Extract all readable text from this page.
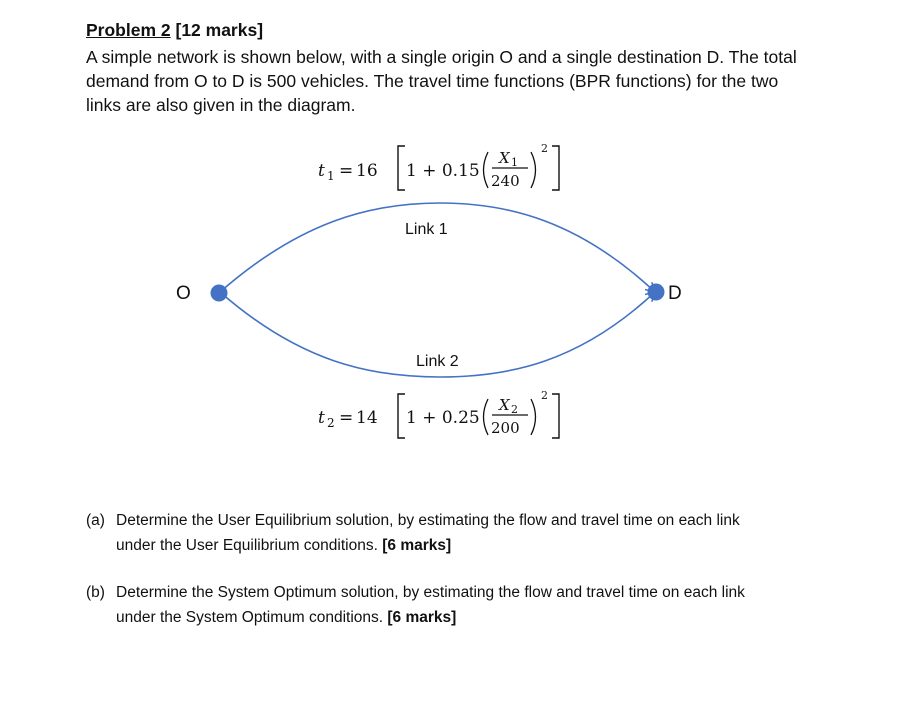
Problem 2 [12 marks]

A simple network is shown below, with a single origin O and a single destination D. The total

demand from O to D is 500 vehicles. The travel time functions (BPR functions) for the two

links are also given in the diagram.

t 1 = 16 1 + 0.15
X 1
240
2
Link 1
Link 2
O	D
t 2 = 14 1 + 0.25
X 2
200
2
(a) Determine the User Equilibrium solution, by estimating the flow and travel time on each link
under the User Equilibrium conditions. [6 marks]
(b) Determine the System Optimum solution, by estimating the flow and travel time on each link
under the System Optimum conditions. [6 marks]
